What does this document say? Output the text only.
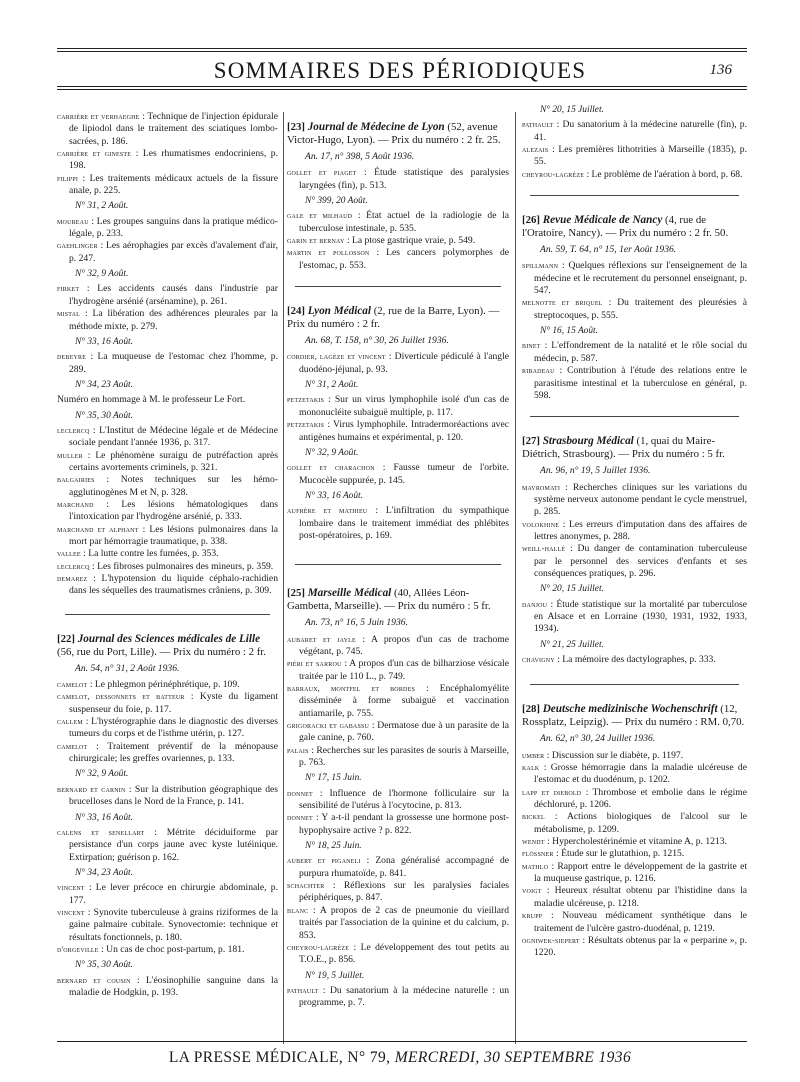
SOMMAIRES DES PÉRIODIQUES	136

carrière et verhaeghe : Technique de l'injection épidurale de lipiodol dans le traitement des sciatiques lombo-sacrées, p. 186.

carrière et gineste : Les rhumatismes endocriniens, p. 198.

filippi : Les traitements médicaux actuels de la fissure anale, p. 225.

N° 31, 2 Août.

moureau : Les groupes sanguins dans la pratique médico-légale, p. 233.

gaehlinger : Les aérophagies par excès d'avalement d'air, p. 247.

N° 32, 9 Août.

firket : Les accidents causés dans l'industrie par l'hydrogène arsénié (arsénamine), p. 261.

mistal : La libération des adhérences pleurales par la méthode mixte, p. 279.

N° 33, 16 Août.

debeyre : La muqueuse de l'estomac chez l'homme, p. 289.

N° 34, 23 Août.

Numéro en hommage à M. le professeur Le Fort.

N° 35, 30 Août.

leclercq : L'Institut de Médecine légale et de Médecine sociale pendant l'année 1936, p. 317.

muller : Le phénomène suraigu de putréfaction après certains avortements criminels, p. 321.

balgairies : Notes techniques sur les hémo-agglutinogènes M et N, p. 328.

marchand : Les lésions hématologiques dans l'intoxication par l'hydrogène arsénié, p. 333.

marchand et alphant : Les lésions pulmonaires dans la mort par hémorragie traumatique, p. 338.

vallee : La lutte contre les fumées, p. 353.

leclercq : Les fibroses pulmonaires des mineurs, p. 359.

demarez : L'hypotension du liquide céphalo-rachidien dans les séquelles des traumatismes crâniens, p. 309.

[22] Journal des Sciences médicales de Lille (56, rue du Port, Lille). — Prix du numéro : 2 fr.

An. 54, n° 31, 2 Août 1936.

camelot : Le phlegmon périnéphrétique, p. 109.

camelot, dessonnets et batteur : Kyste du ligament suspenseur du foie, p. 117.

callem : L'hystérographie dans le diagnostic des diverses tumeurs du corps et de l'isthme utérin, p. 127.

camelot : Traitement préventif de la ménopause chirurgicale; les greffes ovariennes, p. 133.

N° 32, 9 Août.

bernard et carnin : Sur la distribution géographique des brucelloses dans le Nord de la France, p. 141.

N° 33, 16 Août.

calens et senellart : Métrite déciduiforme par persistance d'un corps jaune avec kyste lutéinique. Extirpation; guérison p. 162.

N° 34, 23 Août.

vincent : Le lever précoce en chirurgie abdominale, p. 177.

vincent : Synovite tuberculeuse à grains riziformes de la gaine palmaire cubitale. Synovectomie: technique et résultats fonctionnels, p. 180.

d'orgeville : Un cas de choc post-partum, p. 181.

N° 35, 30 Août.

bernard et cousin : L'éosinophilie sanguine dans la maladie de Hodgkin, p. 193.

[23] Journal de Médecine de Lyon (52, avenue Victor-Hugo, Lyon). — Prix du numéro : 2 fr. 25.

An. 17, n° 398, 5 Août 1936.

gollet et piaget : Étude statistique des paralysies laryngées (fin), p. 513.

N° 399, 20 Août.

gale et milhaud : État actuel de la radiologie de la tuberculose intestinale, p. 535.

garin et bernay : La ptose gastrique vraie, p. 549.

martin et pollosson : Les cancers polymorphes de l'estomac, p. 553.

[24] Lyon Médical (2, rue de la Barre, Lyon). — Prix du numéro : 2 fr.

An. 68, T. 158, n° 30, 26 Juillet 1936.

cordier, lagèze et vincent : Diverticule pédiculé à l'angle duodéno-jéjunal, p. 93.

N° 31, 2 Août.

petzetakis : Sur un virus lymphophile isolé d'un cas de mononucléite subaiguë multiple, p. 117.

petzetakis : Virus lymphophile. Intradermoréactions avec antigènes humains et expérimental, p. 120.

N° 32, 9 Août.

gollet et charachon : Fausse tumeur de l'orbite. Mucocèle suppurée, p. 145.

N° 33, 16 Août.

aufrère et mathieu : L'infiltration du sympathique lombaire dans le traitement immédiat des phlébites post-opératoires, p. 169.

[25] Marseille Médical (40, Allées Léon-Gambetta, Marseille). — Prix du numéro : 5 fr.

An. 73, n° 16, 5 Juin 1936.

aubaret et jayle : A propos d'un cas de trachome végétant, p. 745.

piéri et sarrou : A propos d'un cas de bilharziose vésicale traitée par le 110 L., p. 749.

barraux, montfel et bordes : Encéphalomyélite disséminée à forme subaiguë et vaccination antiamarile, p. 755.

grigoracki et gabassu : Dermatose due à un parasite de la gale canine, p. 760.

palais : Recherches sur les parasites de souris à Marseille, p. 763.

N° 17, 15 Juin.

donnet : Influence de l'hormone folliculaire sur la sensibilité de l'utérus à l'ocytocine, p. 813.

donnet : Y a-t-il pendant la grossesse une hormone post-hypophysaire active ? p. 822.

N° 18, 25 Juin.

aubert et piganeli : Zona généralisé accompagné de purpura rhumatoïde, p. 841.

schachter : Réflexions sur les paralysies faciales périphériques, p. 847.

blanc : A propos de 2 cas de pneumonie du vieillard traités par l'association de la quinine et du calcium, p. 853.

cheyrou-lagrèze : Le développement des tout petits au T.O.E., p. 856.

N° 19, 5 Juillet.

pathault : Du sanatorium à la médecine naturelle : un programme, p. 7.

N° 20, 15 Juillet.

pathault : Du sanatorium à la médecine naturelle (fin), p. 41.

alezais : Les premières lithotrities à Marseille (1835), p. 55.

cheyrou-lagrèze : Le problème de l'aération à bord, p. 68.

[26] Revue Médicale de Nancy (4, rue de l'Oratoire, Nancy). — Prix du numéro : 2 fr. 50.

An. 59, T. 64, n° 15, 1er Août 1936.

spillmann : Quelques réflexions sur l'enseignement de la médecine et le recrutement du personnel enseignant, p. 547.

melnotte et briquel : Du traitement des pleurésies à streptocoques, p. 555.

N° 16, 15 Août.

binet : L'effondrement de la natalité et le rôle social du médecin, p. 587.

ribadeau : Contribution à l'étude des relations entre le parasitisme intestinal et la tuberculose en général, p. 598.

[27] Strasbourg Médical (1, quai du Maire-Diétrich, Strasbourg). — Prix du numéro : 5 fr.

An. 96, n° 19, 5 Juillet 1936.

mavromati : Recherches cliniques sur les variations du système nerveux autonome pendant le cycle menstruel, p. 285.

volokhine : Les erreurs d'imputation dans des affaires de lettres anonymes, p. 288.

weill-hallé : Du danger de contamination tuberculeuse par le personnel des services d'enfants et ses conséquences pratiques, p. 296.

N° 20, 15 Juillet.

danjou : Étude statistique sur la mortalité par tuberculose en Alsace et en Lorraine (1930, 1931, 1932, 1933, 1934).

N° 21, 25 Juillet.

chavigny : La mémoire des dactylographes, p. 333.

[28] Deutsche medizinische Wochenschrift (12, Rossplatz, Leipzig). — Prix du numéro : RM. 0,70.

An. 62, n° 30, 24 Juillet 1936.

umber : Discussion sur le diabète, p. 1197.

kalk : Grosse hémorragie dans la maladie ulcéreuse de l'estomac et du duodénum, p. 1202.

lapp et diebold : Thrombose et embolie dans le régime déchloruré, p. 1206.

bickel : Actions biologiques de l'alcool sur le métabolisme, p. 1209.

wendt : Hypercholestérinémie et vitamine A, p. 1213.

flössner : Étude sur le glutathion, p. 1215.

mathlo : Rapport entre le développement de la gastrite et la muqueuse gastrique, p. 1216.

voigt : Heureux résultat obtenu par l'histidine dans la maladie ulcéreuse, p. 1218.

krupp : Nouveau médicament synthétique dans le traitement de l'ulcère gastro-duodénal, p. 1219.

ogniwek-siepert : Résultats obtenus par la « perparine », p. 1220.

LA PRESSE MÉDICALE, N° 79, MERCREDI, 30 SEPTEMBRE 1936
